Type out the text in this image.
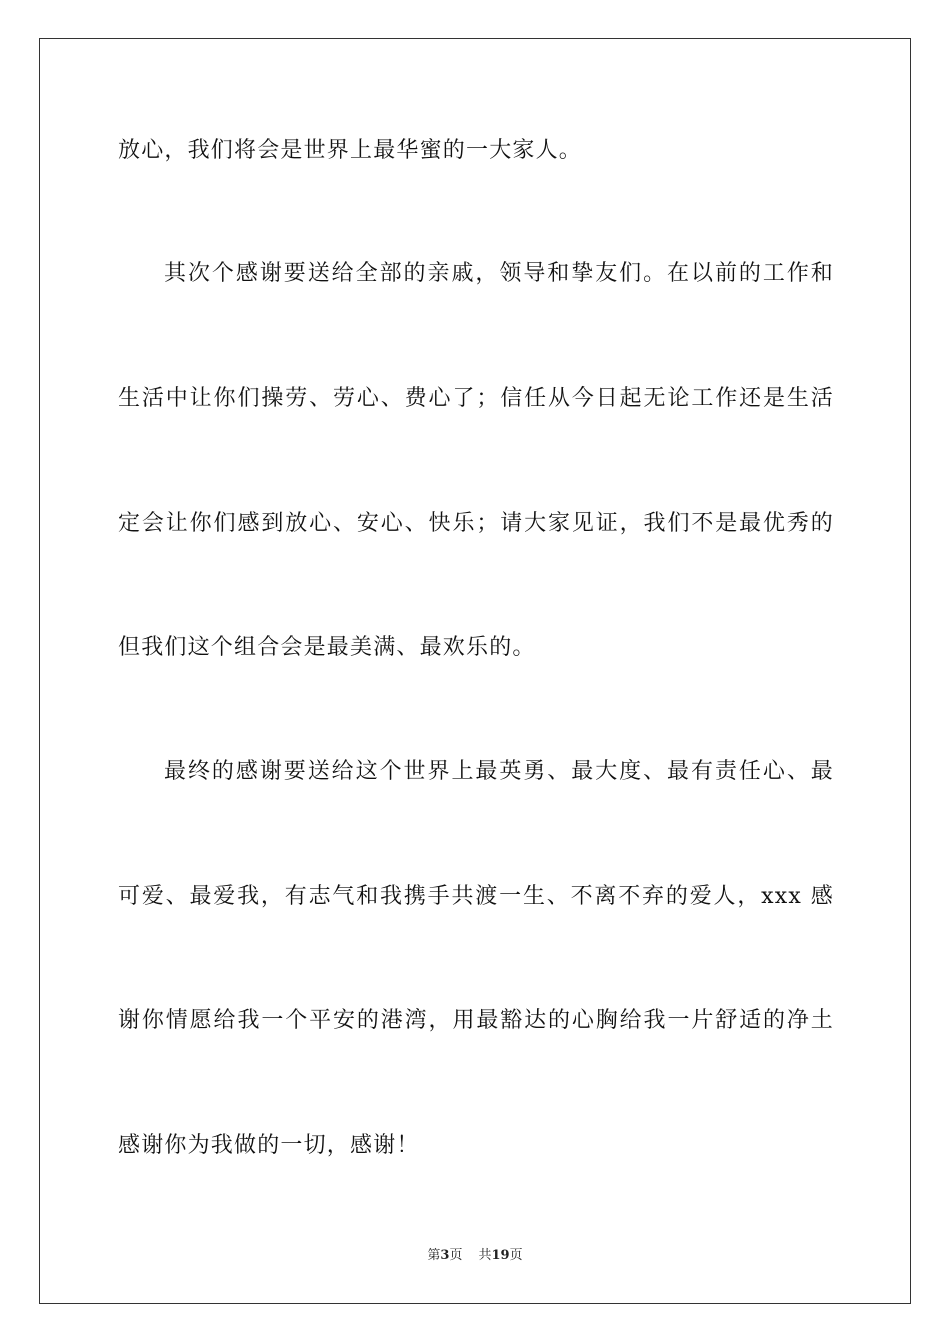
放心，我们将会是世界上最华蜜的一大家人。
其次个感谢要送给全部的亲戚，领导和挚友们。在以前的工作和
生活中让你们操劳、劳心、费心了；信任从今日起无论工作还是生活
定会让你们感到放心、安心、快乐；请大家见证，我们不是最优秀的
但我们这个组合会是最美满、最欢乐的。
最终的感谢要送给这个世界上最英勇、最大度、最有责任心、最
可爱、最爱我，有志气和我携手共渡一生、不离不弃的爱人，xxx 感
谢你情愿给我一个平安的港湾，用最豁达的心胸给我一片舒适的净土
感谢你为我做的一切，感谢！
第3页 共19页
